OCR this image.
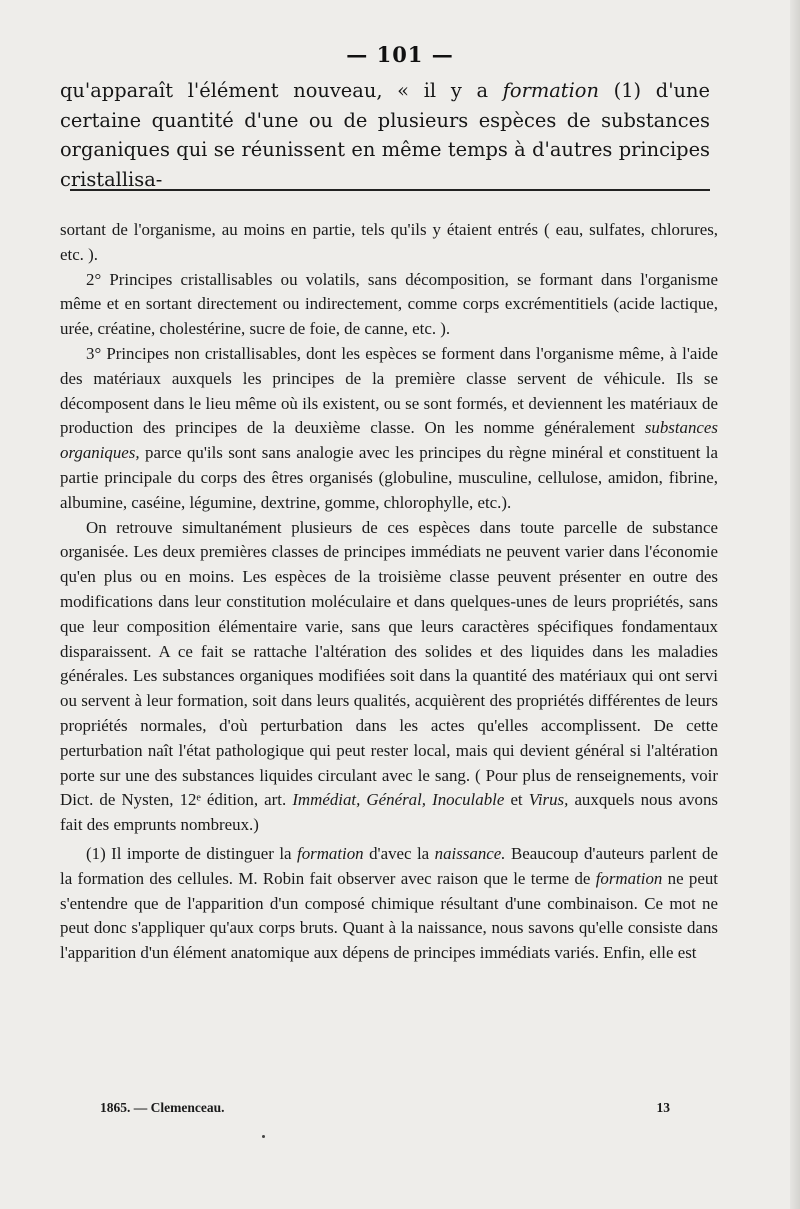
— 101 —

qu'apparaît l'élément nouveau, « il y a formation (1) d'une certaine quantité d'une ou de plusieurs espèces de substances organiques qui se réunissent en même temps à d'autres principes cristallisa-

sortant de l'organisme, au moins en partie, tels qu'ils y étaient entrés ( eau, sulfates, chlorures, etc. ).

2° Principes cristallisables ou volatils, sans décomposition, se formant dans l'organisme même et en sortant directement ou indirectement, comme corps excrémentitiels (acide lactique, urée, créatine, cholestérine, sucre de foie, de canne, etc. ).

3° Principes non cristallisables, dont les espèces se forment dans l'organisme même, à l'aide des matériaux auxquels les principes de la première classe servent de véhicule. Ils se décomposent dans le lieu même où ils existent, ou se sont formés, et deviennent les matériaux de production des principes de la deuxième classe. On les nomme généralement substances organiques, parce qu'ils sont sans analogie avec les principes du règne minéral et constituent la partie principale du corps des êtres organisés (globuline, musculine, cellulose, amidon, fibrine, albumine, caséine, légumine, dextrine, gomme, chlorophylle, etc.).

On retrouve simultanément plusieurs de ces espèces dans toute parcelle de substance organisée. Les deux premières classes de principes immédiats ne peuvent varier dans l'économie qu'en plus ou en moins. Les espèces de la troisième classe peuvent présenter en outre des modifications dans leur constitution moléculaire et dans quelques-unes de leurs propriétés, sans que leur composition élémentaire varie, sans que leurs caractères spécifiques fondamentaux disparaissent. A ce fait se rattache l'altération des solides et des liquides dans les maladies générales. Les substances organiques modifiées soit dans la quantité des matériaux qui ont servi ou servent à leur formation, soit dans leurs qualités, acquièrent des propriétés différentes de leurs propriétés normales, d'où perturbation dans les actes qu'elles accomplissent. De cette perturbation naît l'état pathologique qui peut rester local, mais qui devient général si l'altération porte sur une des substances liquides circulant avec le sang. ( Pour plus de renseignements, voir Dict. de Nysten, 12ᵉ édition, art. Immédiat, Général, Inoculable et Virus, auxquels nous avons fait des emprunts nombreux.)

(1) Il importe de distinguer la formation d'avec la naissance. Beaucoup d'auteurs parlent de la formation des cellules. M. Robin fait observer avec raison que le terme de formation ne peut s'entendre que de l'apparition d'un composé chimique résultant d'une combinaison. Ce mot ne peut donc s'appliquer qu'aux corps bruts. Quant à la naissance, nous savons qu'elle consiste dans l'apparition d'un élément anatomique aux dépens de principes immédiats variés. Enfin, elle est

1865. — Clemenceau.	13
